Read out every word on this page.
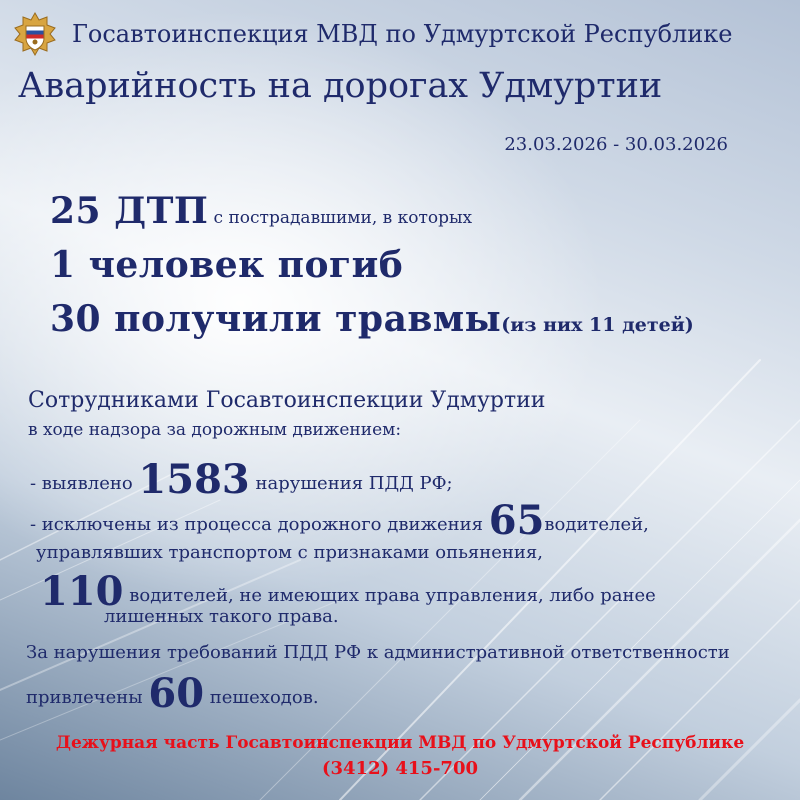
Госавтоинспекция МВД по Удмуртской Республике
Аварийность на дорогах Удмуртии
23.03.2026 - 30.03.2026
25 ДТП с пострадавшими, в которых
1 человек погиб
30 получили травмы(из них 11 детей)
Сотрудниками Госавтоинспекции Удмуртии
в ходе надзора за дорожным движением:
- выявлено 1583 нарушения ПДД РФ;
- исключены из процесса дорожного движения 65водителей,
управлявших транспортом с признаками опьянения,
110 водителей, не имеющих права управления, либо ранее
лишенных такого права.
За нарушения требований ПДД РФ к административной ответственности
привлечены 60 пешеходов.
Дежурная часть Госавтоинспекции МВД по Удмуртской Республике
(3412) 415-700
